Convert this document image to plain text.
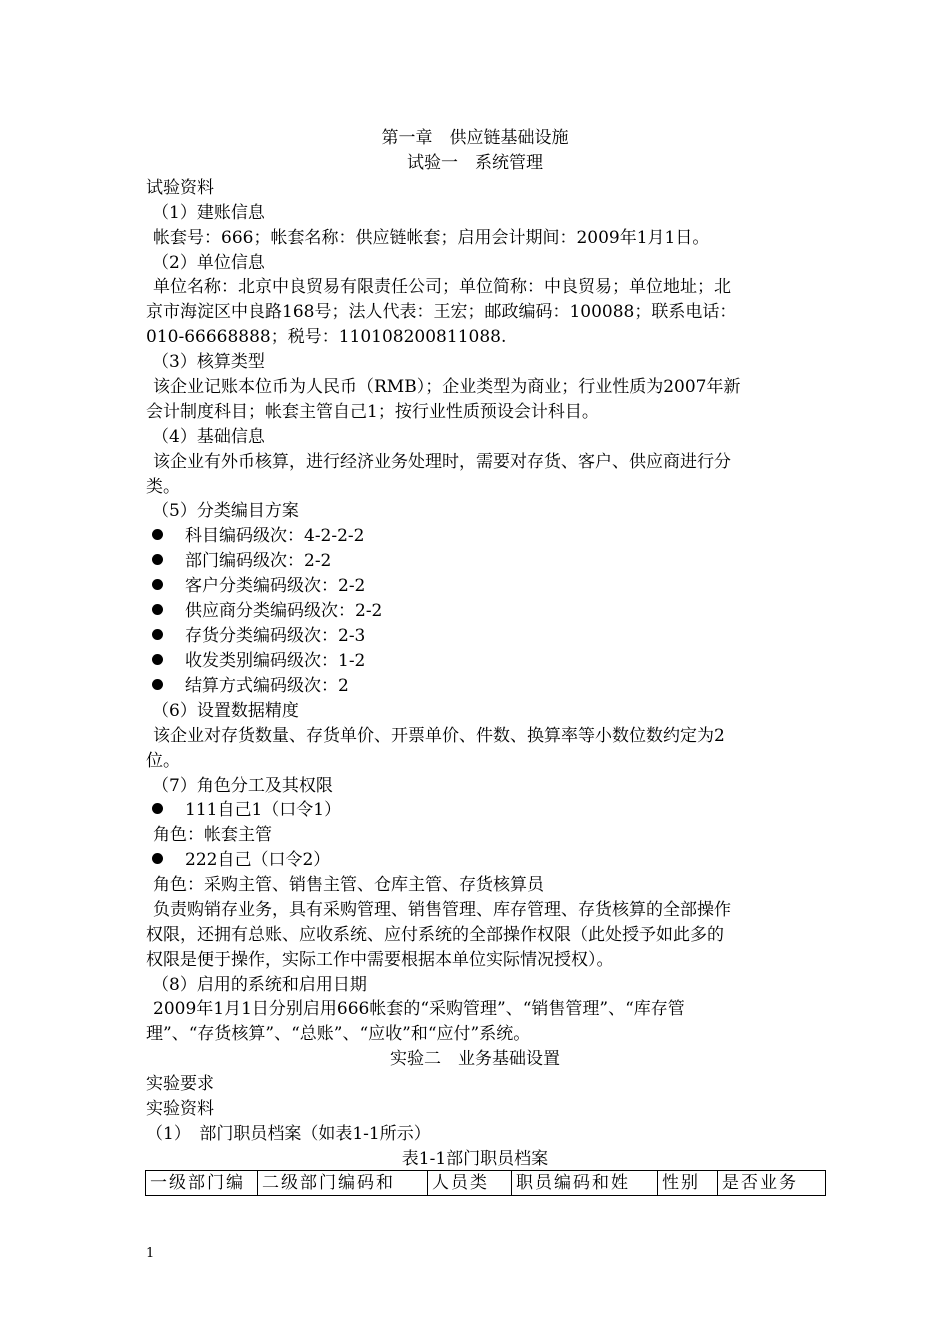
第一章　供应链基础设施
试验一　系统管理
试验资料
（1）建账信息
帐套号：666；帐套名称：供应链帐套；启用会计期间：2009年1月1日。
（2）单位信息
单位名称：北京中良贸易有限责任公司；单位简称：中良贸易；单位地址；北
京市海淀区中良路168号；法人代表：王宏；邮政编码：100088；联系电话：
010-66668888；税号：110108200811088.
（3）核算类型
该企业记账本位币为人民币（RMB）；企业类型为商业；行业性质为2007年新
会计制度科目；帐套主管自己1；按行业性质预设会计科目。
（4）基础信息
该企业有外币核算，进行经济业务处理时，需要对存货、客户、供应商进行分
类。
（5）分类编目方案
科目编码级次：4-2-2-2
部门编码级次：2-2
客户分类编码级次：2-2
供应商分类编码级次：2-2
存货分类编码级次：2-3
收发类别编码级次：1-2
结算方式编码级次：2
（6）设置数据精度
该企业对存货数量、存货单价、开票单价、件数、换算率等小数位数约定为2
位。
（7）角色分工及其权限
111自己1（口令1）
角色：帐套主管
222自己（口令2）
角色：采购主管、销售主管、仓库主管、存货核算员
负责购销存业务，具有采购管理、销售管理、库存管理、存货核算的全部操作
权限，还拥有总账、应收系统、应付系统的全部操作权限（此处授予如此多的
权限是便于操作，实际工作中需要根据本单位实际情况授权）。
（8）启用的系统和启用日期
2009年1月1日分别启用666帐套的“采购管理”、“销售管理”、“库存管
理”、“存货核算”、“总账”、“应收”和“应付”系统。
实验二　业务基础设置
实验要求
实验资料
（1）　部门职员档案（如表1-1所示）
表1-1部门职员档案
一级部门编	二级部门编码和	人员类	职员编码和姓	性别	是否业务
1
